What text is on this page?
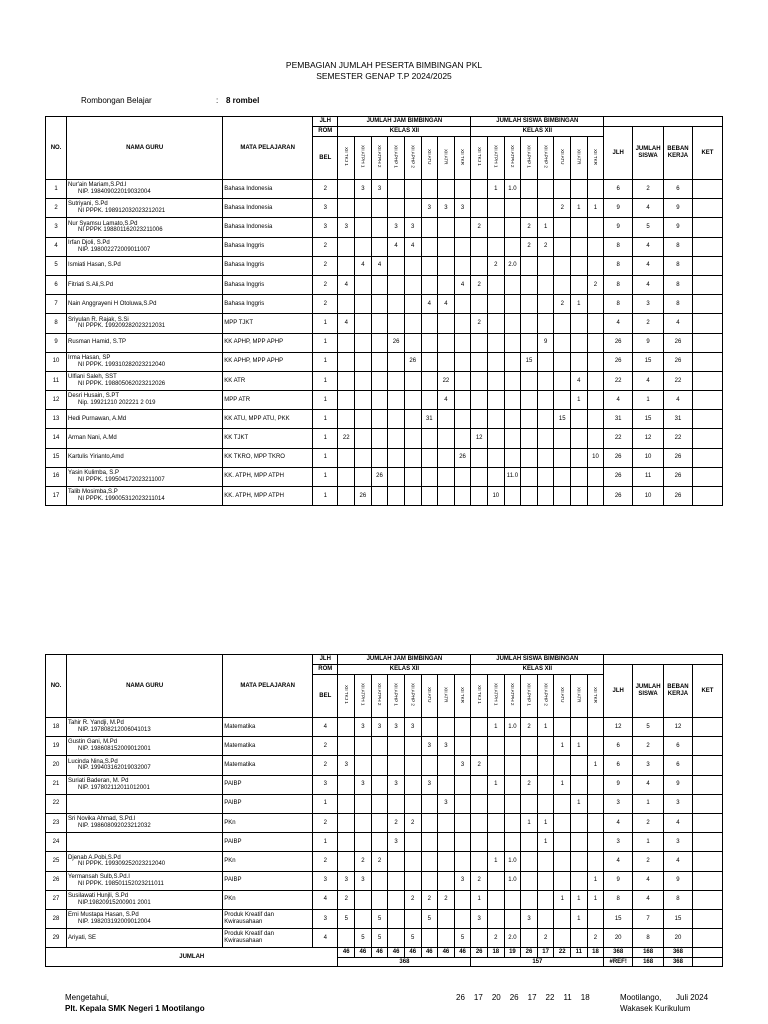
PEMBAGIAN JUMLAH PESERTA BIMBINGAN PKL
SEMESTER GENAP T.P 2024/2025
Rombongan Belajar	: 8 rombel
NO.	NAMA GURU	MATA PELAJARAN	JLH	JUMLAH JAM BIMBINGAN								JUMLAH SISWA BIMBINGAN											
			ROM	KELAS XII								KELAS XII								JLH	JUMLAH SISWA	BEBAN KERJA	KET
			BEL	XII TKJ 1	XII ATPH 1	XII ATPH 2	XII APHP 1	XII APHP 2	XII ATU	XII ATR	XII TKR	XII TKJ 1	XII ATPH 1	XII ATPH 2	XII APHP 1	XII APHP 2	XII ATU	XII ATR	XII TKR				

1	Nur'ain Mariam,S.Pd.I
NIP. 198409022019032004	Bahasa Indonesia	2		3	3							1	1.0						6	2	6	
2	Sutriyani, S.Pd
NI PPPK. 198912032023212021	Bahasa Indonesia	3						3	3	3						2	1	1	9	4	9	
3	Nur Syamsu Lamato,S.Pd
NI PPPK 198801162023211006	Bahasa Indonesia	3	3			3	3				2			2	1				9	5	9	
4	Irfan Djoli, S.Pd
NIP. 198002272009011007	Bahasa Inggris	2				4	4							2	2				8	4	8	
5	Ismiati Hasan, S.Pd	Bahasa Inggris	2		4	4							2	2.0						8	4	8	
6	Fitriati S.Ali,S.Pd	Bahasa Inggris	2	4							4	2							2	8	4	8	
7	Nain Anggrayeni H Otoluwa,S.Pd	Bahasa Inggris	2						4	4							2	1		8	3	8	
8	Sriyulan R. Rajak, S.Si
NI PPPK. 199209282023212031	MPP TJKT	1	4								2								4	2	4	
9	Rusman Hamid, S.TP	KK APHP, MPP APHP	1				26									9				26	9	26	
10	Irma Hasan, SP
NI PPPK. 199310282023212040	KK APHP, MPP APHP	1					26							15					26	15	26	
11	Ulfiani Saleh, SST
NI PPPK. 198805062023212026	KK ATR	1							22								4		22	4	22	
12	Desri Husain, S.PT
Nip. 19921210 202221 2 019	MPP ATR	1							4								1		4	1	4	
13	Hedi Purnawan, A.Md	KK ATU, MPP ATU, PKK	1						31								15			31	15	31	
14	Arman Nani, A.Md	KK TJKT	1	22								12								22	12	22	
15	Kartulis Yirianto,Amd	KK TKRO, MPP TKRO	1								26								10	26	10	26	
16	Yasin Kulimba, S.P
NI PPPK. 199504172023211007	KK. ATPH, MPP ATPH	1			26								11.0						26	11	26	
17	Talib Mosimba,S.P
NI PPPK. 199005312023211014	KK. ATPH, MPP ATPH	1		26								10							26	10	26	
NO.	NAMA GURU	MATA PELAJARAN	JLH	JUMLAH JAM BIMBINGAN								JUMLAH SISWA BIMBINGAN											
			ROM	KELAS XII								KELAS XII								JLH	JUMLAH SISWA	BEBAN KERJA	KET
			BEL	XII TKJ 1	XII ATPH 1	XII ATPH 2	XII APHP 1	XII APHP 2	XII ATU	XII ATR	XII TKR	XII TKJ 1	XII ATPH 1	XII ATPH 2	XII APHP 1	XII APHP 2	XII ATU	XII ATR	XII TKR				

18	Tahir R. Yandji, M.Pd
NIP. 197808212006041013	Matematika	4		3	3	3	3					1	1.0	2	1				12	5	12	
19	Gustin Gani, M.Pd
NIP. 198608152009012001	Matematika	2						3	3							1	1		6	2	6	
20	Lucinda Nina,S.Pd
NIP. 199403162019032007	Matematika	2	3							3	2							1	6	3	6	
21	Suriati Baderan, M. Pd
NIP. 197802112011012001	PAIBP	3		3		3		3				1		2		1			9	4	9	
22		PAIBP	1							3								1		3	1	3	
23	Sri Novika Ahmad, S.Pd.I
NIP. 198608092023212032	PKn	2				2	2							1	1				4	2	4	
24		PAIBP	1				3									1				3	1	3	
25	Djenab A.Pobi,S.Pd
NI PPPK. 199309252023212040	PKn	2		2	2							1	1.0						4	2	4	
26	Yermansah Sulb,S.Pd.I
NI PPPK. 198501152023211011	PAIBP	3	3	3						3	2		1.0					1	9	4	9	
27	Susilawati Hunjli, S.Pd
NIP.19820915200901 2001	PKn	4	2				2	2	2		1					1	1	1	8	4	8	
28	Erni Mustapa Hasan, S.Pd
NIP. 198203192009012004	Produk Kreatif dan Kwirausahaan	3	5		5			5			3			3			1		15	7	15	
29	Ariyati, SE	Produk Kreatif dan Kwirausahaan	4		5	5		5			5		2	2.0		2			2	20	8	20	
JUMLAH				46	46	46	46	46	46	46	46	26	18	19	26	17	22	11	18	368	168	368	
				368								157								#REF!	168	368	
Mengetahui,
Plt. Kepala SMK Negeri 1 Mootilango
26 17 20 26 17 22 11 18	Mootilango, Juli 2024
Wakasek Kurikulum
